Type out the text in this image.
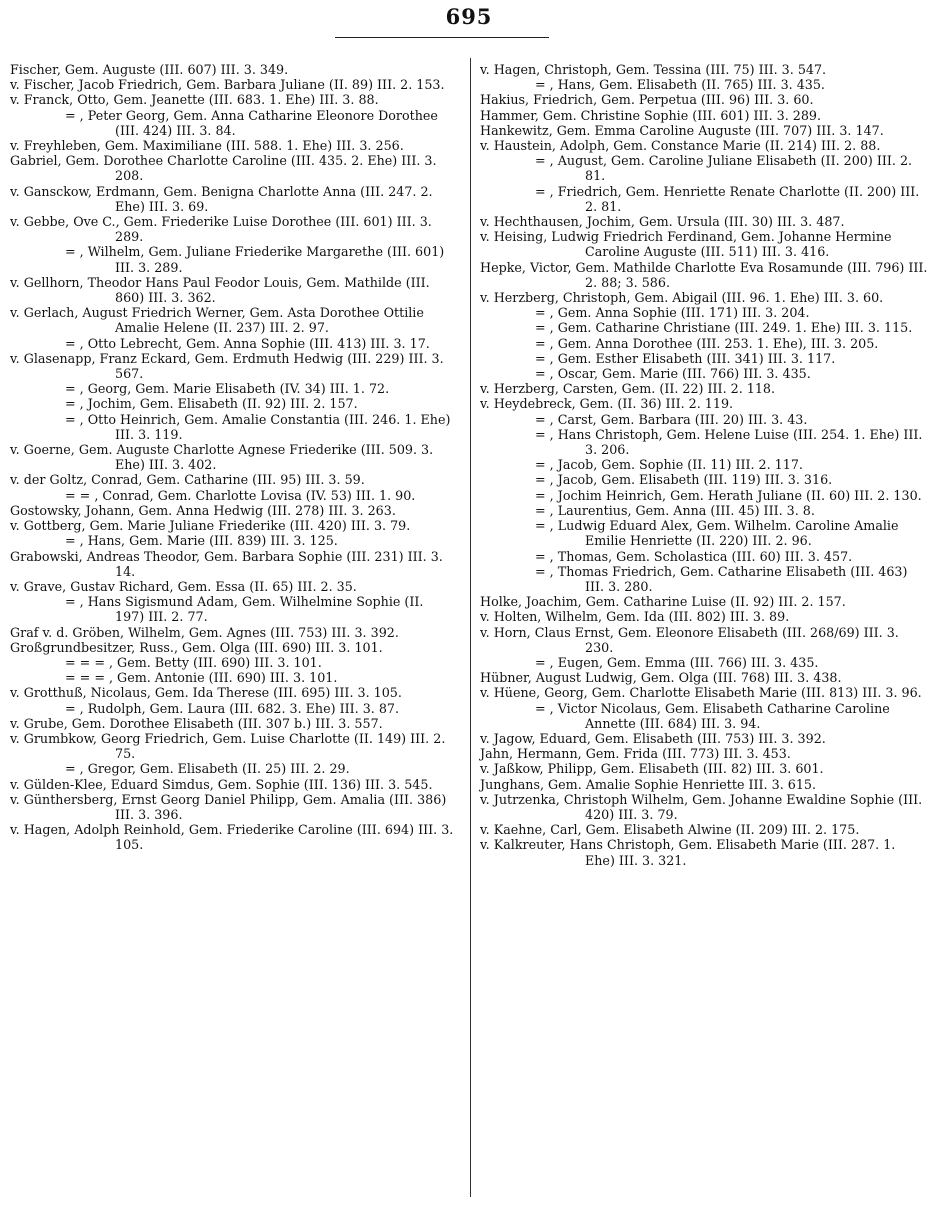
695
Fischer, Gem. Auguste (III. 607) III. 3. 349.
v. Fischer, Jacob Friedrich, Gem. Barbara Juliane (II. 89) III. 2. 153.
v. Franck, Otto, Gem. Jeanette (III. 683. 1. Ehe) III. 3. 88.
= , Peter Georg, Gem. Anna Catharine Eleonore Dorothee (III. 424) III. 3. 84.
v. Freyhleben, Gem. Maximiliane (III. 588. 1. Ehe) III. 3. 256.
Gabriel, Gem. Dorothee Charlotte Caroline (III. 435. 2. Ehe) III. 3. 208.
v. Gansckow, Erdmann, Gem. Benigna Charlotte Anna (III. 247. 2. Ehe) III. 3. 69.
v. Gebbe, Ove C., Gem. Friederike Luise Dorothee (III. 601) III. 3. 289.
= , Wilhelm, Gem. Juliane Friederike Margarethe (III. 601) III. 3. 289.
v. Gellhorn, Theodor Hans Paul Feodor Louis, Gem. Mathilde (III. 860) III. 3. 362.
v. Gerlach, August Friedrich Werner, Gem. Asta Dorothee Ottilie Amalie Helene (II. 237) III. 2. 97.
= , Otto Lebrecht, Gem. Anna Sophie (III. 413) III. 3. 17.
v. Glasenapp, Franz Eckard, Gem. Erdmuth Hedwig (III. 229) III. 3. 567.
= , Georg, Gem. Marie Elisabeth (IV. 34) III. 1. 72.
= , Jochim, Gem. Elisabeth (II. 92) III. 2. 157.
= , Otto Heinrich, Gem. Amalie Constantia (III. 246. 1. Ehe) III. 3. 119.
v. Goerne, Gem. Auguste Charlotte Agnese Friederike (III. 509. 3. Ehe) III. 3. 402.
v. der Goltz, Conrad, Gem. Catharine (III. 95) III. 3. 59.
= = , Conrad, Gem. Charlotte Lovisa (IV. 53) III. 1. 90.
Gostowsky, Johann, Gem. Anna Hedwig (III. 278) III. 3. 263.
v. Gottberg, Gem. Marie Juliane Friederike (III. 420) III. 3. 79.
= , Hans, Gem. Marie (III. 839) III. 3. 125.
Grabowski, Andreas Theodor, Gem. Barbara Sophie (III. 231) III. 3. 14.
v. Grave, Gustav Richard, Gem. Essa (II. 65) III. 2. 35.
= , Hans Sigismund Adam, Gem. Wilhelmine Sophie (II. 197) III. 2. 77.
Graf v. d. Gröben, Wilhelm, Gem. Agnes (III. 753) III. 3. 392.
Großgrundbesitzer, Russ., Gem. Olga (III. 690) III. 3. 101.
= = = , Gem. Betty (III. 690) III. 3. 101.
= = = , Gem. Antonie (III. 690) III. 3. 101.
v. Grotthuß, Nicolaus, Gem. Ida Therese (III. 695) III. 3. 105.
= , Rudolph, Gem. Laura (III. 682. 3. Ehe) III. 3. 87.
v. Grube, Gem. Dorothee Elisabeth (III. 307 b.) III. 3. 557.
v. Grumbkow, Georg Friedrich, Gem. Luise Charlotte (II. 149) III. 2. 75.
= , Gregor, Gem. Elisabeth (II. 25) III. 2. 29.
v. Gülden-Klee, Eduard Simdus, Gem. Sophie (III. 136) III. 3. 545.
v. Günthersberg, Ernst Georg Daniel Philipp, Gem. Amalia (III. 386) III. 3. 396.
v. Hagen, Adolph Reinhold, Gem. Friederike Caroline (III. 694) III. 3. 105.
v. Hagen, Christoph, Gem. Tessina (III. 75) III. 3. 547.
= , Hans, Gem. Elisabeth (II. 765) III. 3. 435.
Hakius, Friedrich, Gem. Perpetua (III. 96) III. 3. 60.
Hammer, Gem. Christine Sophie (III. 601) III. 3. 289.
Hankewitz, Gem. Emma Caroline Auguste (III. 707) III. 3. 147.
v. Haustein, Adolph, Gem. Constance Marie (II. 214) III. 2. 88.
= , August, Gem. Caroline Juliane Elisabeth (II. 200) III. 2. 81.
= , Friedrich, Gem. Henriette Renate Charlotte (II. 200) III. 2. 81.
v. Hechthausen, Jochim, Gem. Ursula (III. 30) III. 3. 487.
v. Heising, Ludwig Friedrich Ferdinand, Gem. Johanne Hermine Caroline Auguste (III. 511) III. 3. 416.
Hepke, Victor, Gem. Mathilde Charlotte Eva Rosamunde (III. 796) III. 2. 88; 3. 586.
v. Herzberg, Christoph, Gem. Abigail (III. 96. 1. Ehe) III. 3. 60.
= , Gem. Anna Sophie (III. 171) III. 3. 204.
= , Gem. Catharine Christiane (III. 249. 1. Ehe) III. 3. 115.
= , Gem. Anna Dorothee (III. 253. 1. Ehe), III. 3. 205.
= , Gem. Esther Elisabeth (III. 341) III. 3. 117.
= , Oscar, Gem. Marie (III. 766) III. 3. 435.
v. Herzberg, Carsten, Gem. (II. 22) III. 2. 118.
v. Heydebreck, Gem. (II. 36) III. 2. 119.
= , Carst, Gem. Barbara (III. 20) III. 3. 43.
= , Hans Christoph, Gem. Helene Luise (III. 254. 1. Ehe) III. 3. 206.
= , Jacob, Gem. Sophie (II. 11) III. 2. 117.
= , Jacob, Gem. Elisabeth (III. 119) III. 3. 316.
= , Jochim Heinrich, Gem. Herath Juliane (II. 60) III. 2. 130.
= , Laurentius, Gem. Anna (III. 45) III. 3. 8.
= , Ludwig Eduard Alex, Gem. Wilhelm. Caroline Amalie Emilie Henriette (II. 220) III. 2. 96.
= , Thomas, Gem. Scholastica (III. 60) III. 3. 457.
= , Thomas Friedrich, Gem. Catharine Elisabeth (III. 463) III. 3. 280.
Holke, Joachim, Gem. Catharine Luise (II. 92) III. 2. 157.
v. Holten, Wilhelm, Gem. Ida (III. 802) III. 3. 89.
v. Horn, Claus Ernst, Gem. Eleonore Elisabeth (III. 268/69) III. 3. 230.
= , Eugen, Gem. Emma (III. 766) III. 3. 435.
Hübner, August Ludwig, Gem. Olga (III. 768) III. 3. 438.
v. Hüene, Georg, Gem. Charlotte Elisabeth Marie (III. 813) III. 3. 96.
= , Victor Nicolaus, Gem. Elisabeth Catharine Caroline Annette (III. 684) III. 3. 94.
v. Jagow, Eduard, Gem. Elisabeth (III. 753) III. 3. 392.
Jahn, Hermann, Gem. Frida (III. 773) III. 3. 453.
v. Jaßkow, Philipp, Gem. Elisabeth (III. 82) III. 3. 601.
Junghans, Gem. Amalie Sophie Henriette III. 3. 615.
v. Jutrzenka, Christoph Wilhelm, Gem. Johanne Ewaldine Sophie (III. 420) III. 3. 79.
v. Kaehne, Carl, Gem. Elisabeth Alwine (II. 209) III. 2. 175.
v. Kalkreuter, Hans Christoph, Gem. Elisabeth Marie (III. 287. 1. Ehe) III. 3. 321.
